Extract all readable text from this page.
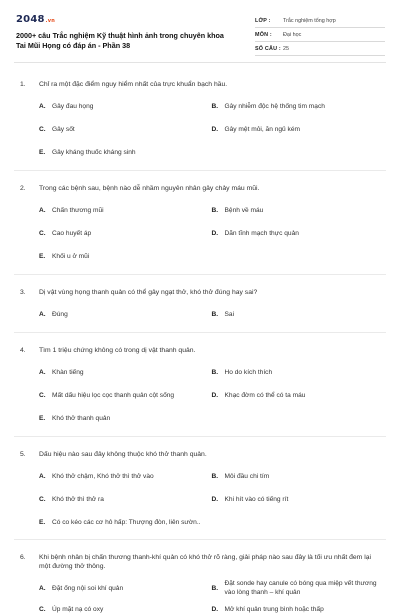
2048.vn
2000+ câu Trắc nghiệm Kỹ thuật hình ảnh trong chuyên khoa Tai Mũi Họng có đáp án - Phần 38
LỚP :	Trắc nghiệm tổng hợp
MÔN :	Đại học
SỐ CÂU : 25
1.	Chỉ ra một đặc điểm nguy hiểm nhất của trực khuẩn bạch hầu.
A. Gây đau họng	B. Gây nhiễm độc hệ thống tim mạch
C. Gây sốt	D. Gây mệt mỏi, ăn ngủ kém
E.	Gây kháng thuốc kháng sinh
2.	Trong các bệnh sau, bệnh nào dễ nhầm nguyên nhân gây chảy máu mũi.
A. Chấn thương mũi	B. Bệnh về máu
C. Cao huyết áp	D. Dãn tĩnh mạch thực quản
E.	Khối u ở mũi
3.	Dị vật vùng họng thanh quản có thể gây ngạt thở, khó thở đúng hay sai?
A. Đúng	B. Sai
4.	Tìm 1 triệu chứng không có trong dị vật thanh quản.
A. Khàn tiếng	B. Ho do kích thích
C. Mất dấu hiệu lọc cọc thanh quản cột sống	D. Khạc đờm có thể có ta máu
E.	Khó thở thanh quản
5.	Dấu hiệu nào sau đây không thuộc khó thở thanh quản.
A. Khó thở chậm, Khó thở thì thở vào	B. Môi đầu chi tím
C. Khó thở thì thở ra	D. Khi hít vào có tiếng rít
E.	Có co kéo các cơ hô hấp: Thượng đòn, liên sườn..
6.	Khi bệnh nhân bị chấn thương thanh-khí quản có khó thở rõ ràng, giải pháp nào sau đây là tối ưu nhất đem lại một đường thở thông.
A. Đặt ống nội soi khí quản	B.
Đặt sonde hay canule có bóng qua miệp vết thương vào lòng thanh – khí quản
C. Úp mặt nạ có oxy	D. Mở khí quản trung bình hoặc thấp
